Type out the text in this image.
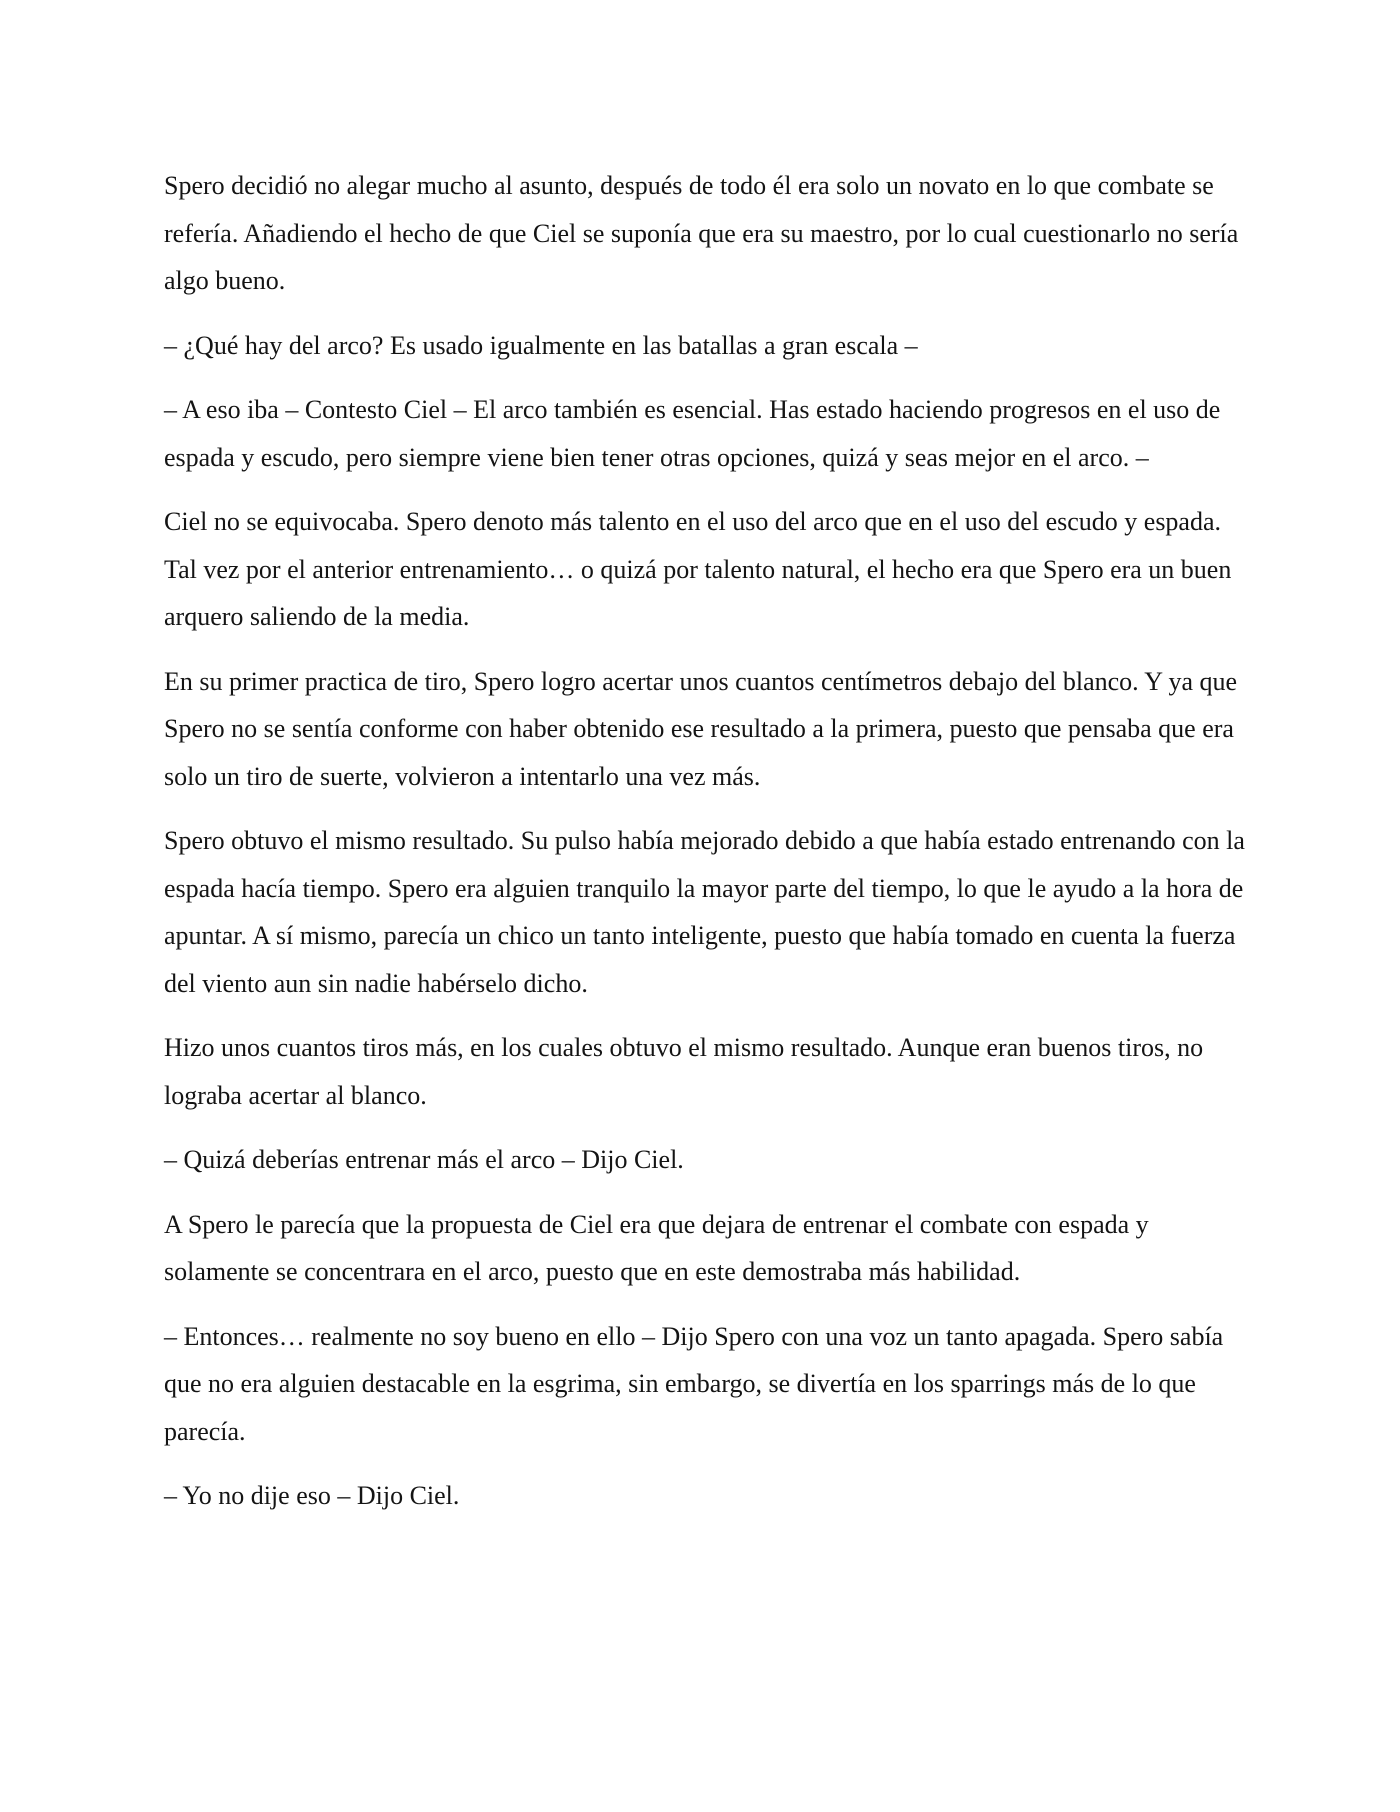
Spero decidió no alegar mucho al asunto, después de todo él era solo un novato en lo que combate se refería. Añadiendo el hecho de que Ciel se suponía que era su maestro, por lo cual cuestionarlo no sería algo bueno.

– ¿Qué hay del arco? Es usado igualmente en las batallas a gran escala –

– A eso iba – Contesto Ciel – El arco también es esencial. Has estado haciendo progresos en el uso de espada y escudo, pero siempre viene bien tener otras opciones, quizá y seas mejor en el arco. –

Ciel no se equivocaba. Spero denoto más talento en el uso del arco que en el uso del escudo y espada. Tal vez por el anterior entrenamiento… o quizá por talento natural, el hecho era que Spero era un buen arquero saliendo de la media.

En su primer practica de tiro, Spero logro acertar unos cuantos centímetros debajo del blanco. Y ya que Spero no se sentía conforme con haber obtenido ese resultado a la primera, puesto que pensaba que era solo un tiro de suerte, volvieron a intentarlo una vez más.

Spero obtuvo el mismo resultado. Su pulso había mejorado debido a que había estado entrenando con la espada hacía tiempo. Spero era alguien tranquilo la mayor parte del tiempo, lo que le ayudo a la hora de apuntar. A sí mismo, parecía un chico un tanto inteligente, puesto que había tomado en cuenta la fuerza del viento aun sin nadie habérselo dicho.

Hizo unos cuantos tiros más, en los cuales obtuvo el mismo resultado. Aunque eran buenos tiros, no lograba acertar al blanco.

– Quizá deberías entrenar más el arco – Dijo Ciel.

A Spero le parecía que la propuesta de Ciel era que dejara de entrenar el combate con espada y solamente se concentrara en el arco, puesto que en este demostraba más habilidad.

– Entonces… realmente no soy bueno en ello – Dijo Spero con una voz un tanto apagada. Spero sabía que no era alguien destacable en la esgrima, sin embargo, se divertía en los sparrings más de lo que parecía.

– Yo no dije eso – Dijo Ciel.
